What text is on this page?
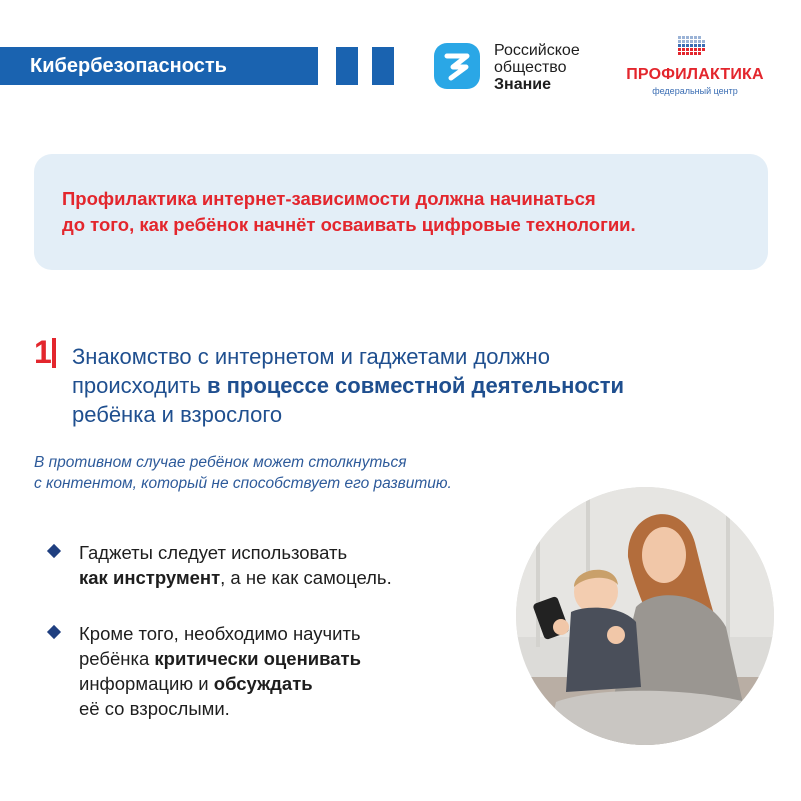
Кибербезопасность
Российское
общество
Знание
ПРОФИЛАКТИКА
федеральный центр
Профилактика интернет-зависимости должна начинаться
до того, как ребёнок начнёт осваивать цифровые технологии.
1 Знакомство с интернетом и гаджетами должно
происходить в процессе совместной деятельности
ребёнка и взрослого
В противном случае ребёнок может столкнуться
с контентом, который не способствует его развитию.
Гаджеты следует использовать
как инструмент, а не как самоцель.
Кроме того, необходимо научить
ребёнка критически оценивать
информацию и обсуждать
её со взрослыми.
